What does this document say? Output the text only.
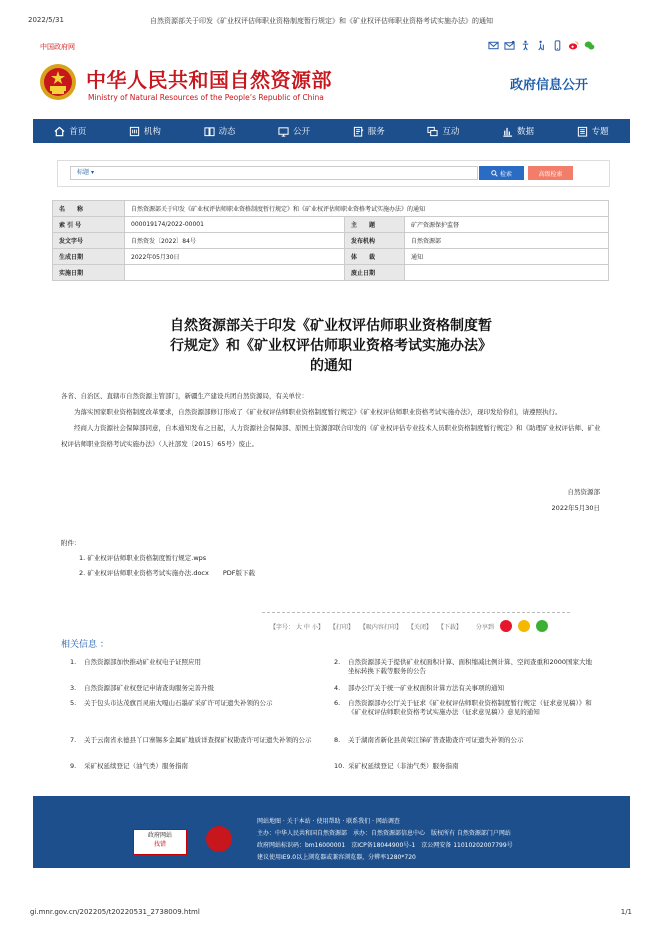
2022/5/31	自然资源部关于印发《矿业权评估师职业资格制度暂行规定》和《矿业权评估师职业资格考试实施办法》的通知
中国政府网
中华人民共和国自然资源部
Ministry of Natural Resources of the People’s Republic of China
政府信息公开
首页	机构	动态	公开	服务	互动	数据	专题
标题 ▾	检索	高级检索
名　　称	自然资源部关于印发《矿业权评估师职业资格制度暂行规定》和《矿业权评估师职业资格考试实施办法》的通知		
索 引 号	000019174/2022-00001	主　　题	矿产资源保护监督
发文字号	自然资发〔2022〕84号	发布机构	自然资源部
生成日期	2022年05月30日	体　　裁	通知
实施日期		废止日期	
自然资源部关于印发《矿业权评估师职业资格制度暂
行规定》和《矿业权评估师职业资格考试实施办法》
的通知

各省、自治区、直辖市自然资源主管部门，新疆生产建设兵团自然资源局，有关单位：

为落实国家职业资格制度改革要求，自然资源部修订形成了《矿业权评估师职业资格制度暂行规定》《矿业权评估师职业资格考试实施办法》，现印发给你们，请遵照执行。

经商人力资源社会保障部同意，自本通知发布之日起，人力资源社会保障部、原国土资源部联合印发的《矿业权评估专业技术人员职业资格制度暂行规定》和《助理矿业权评估师、矿业权评估师职业资格考试实施办法》（人社部发〔2015〕65号）废止。

自然资源部
2022年5月30日
附件：
1. 矿业权评估师职业资格制度暂行规定.wps
2. 矿业权评估师职业资格考试实施办法.docx PDF版下载
【字号： 大 中 小】 【打印】 【吸内容打印】 【关闭】 【下载】 分享到
相关信息 ：
1. 自然资源部加快推动矿业权电子证照应用	2. 自然资源部关于提供矿业权面积计算、面积缩减比例计算、空间查重和2000国家大地坐标转换下载等服务的公告
3. 自然资源部矿业权登记申请查询服务完善升级	4. 部办公厅关于统一矿业权面积计算方法有关事项的通知
5. 关于包头市达茂旗百灵庙大嘎山石墨矿采矿许可证遗失补领的公示	6. 自然资源部办公厅关于征求《矿业权评估师职业资格制度暂行规定（征求意见稿）》和《矿业权评估师职业资格考试实施办法（征求意见稿）》意见的通知
7. 关于云南省永德县丫口寨锡多金属矿地质详查探矿权勘查许可证遗失补领的公示	8. 关于湖南省新化县黄荣江锑矿普查勘查许可证遗失补领的公示
9. 采矿权延续登记（油气类）服务指南	10. 采矿权延续登记（非油气类）服务指南
政府网站
找错
网站地图 · 关于本站 · 使用帮助 · 联系我们 · 网站调查
主办：中华人民共和国自然资源部　承办：自然资源部信息中心　版权所有 自然资源部门户网站
政府网站标识码：bm16000001　京ICP备18044900号-1　京公网安备 11010202007799号
建议使用IE9.0以上浏览器或兼容浏览器，分辨率1280*720
gi.mnr.gov.cn/202205/t20220531_2738009.html	1/1
